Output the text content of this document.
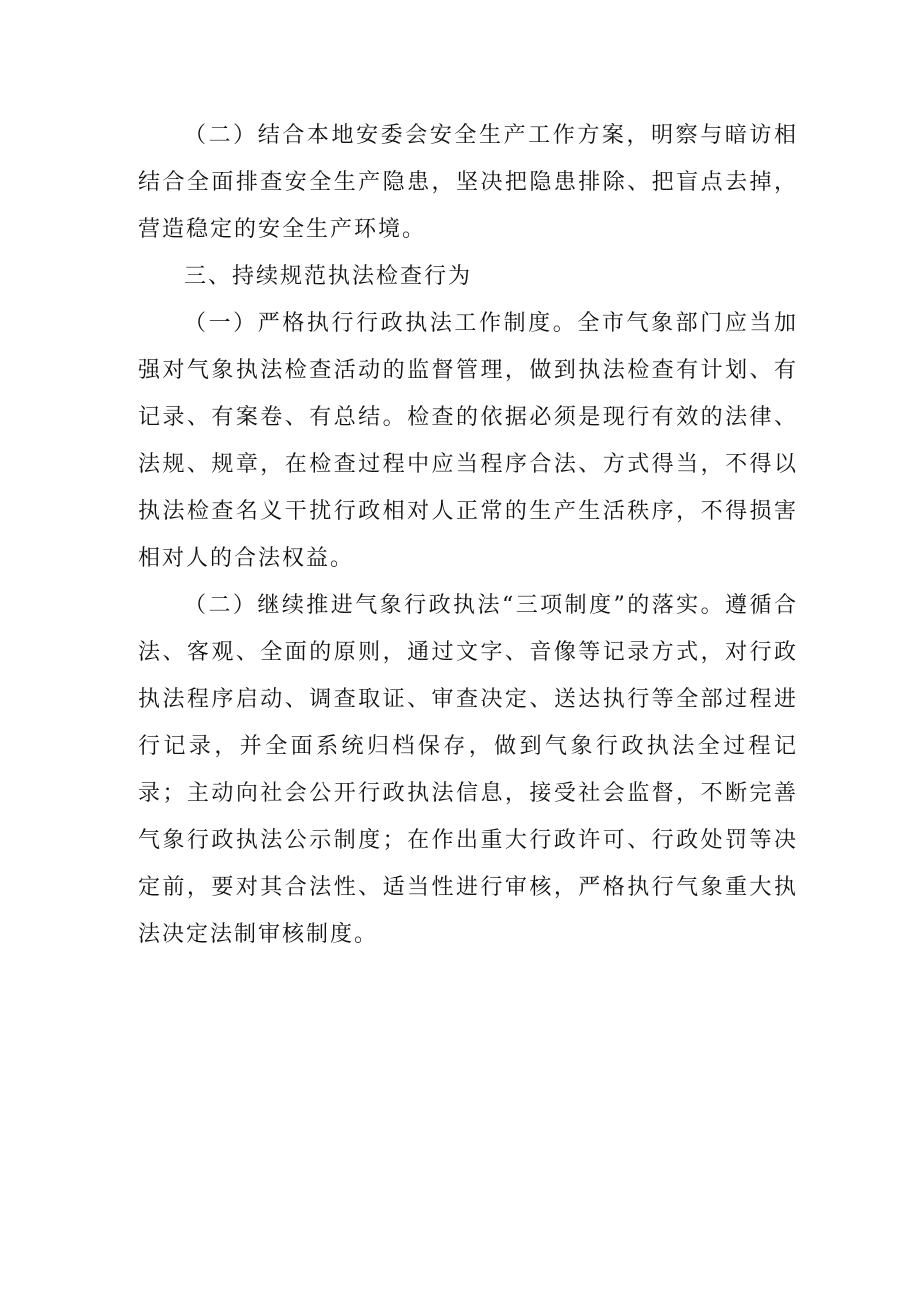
（二）结合本地安委会安全生产工作方案，明察与暗访相结合全面排查安全生产隐患，坚决把隐患排除、把盲点去掉，营造稳定的安全生产环境。

三、持续规范执法检查行为

（一）严格执行行政执法工作制度。全市气象部门应当加强对气象执法检查活动的监督管理，做到执法检查有计划、有记录、有案卷、有总结。检查的依据必须是现行有效的法律、法规、规章，在检查过程中应当程序合法、方式得当，不得以执法检查名义干扰行政相对人正常的生产生活秩序，不得损害相对人的合法权益。

（二）继续推进气象行政执法“三项制度”的落实。遵循合法、客观、全面的原则，通过文字、音像等记录方式，对行政执法程序启动、调查取证、审查决定、送达执行等全部过程进行记录，并全面系统归档保存，做到气象行政执法全过程记录；主动向社会公开行政执法信息，接受社会监督，不断完善气象行政执法公示制度；在作出重大行政许可、行政处罚等决定前，要对其合法性、适当性进行审核，严格执行气象重大执法决定法制审核制度。
